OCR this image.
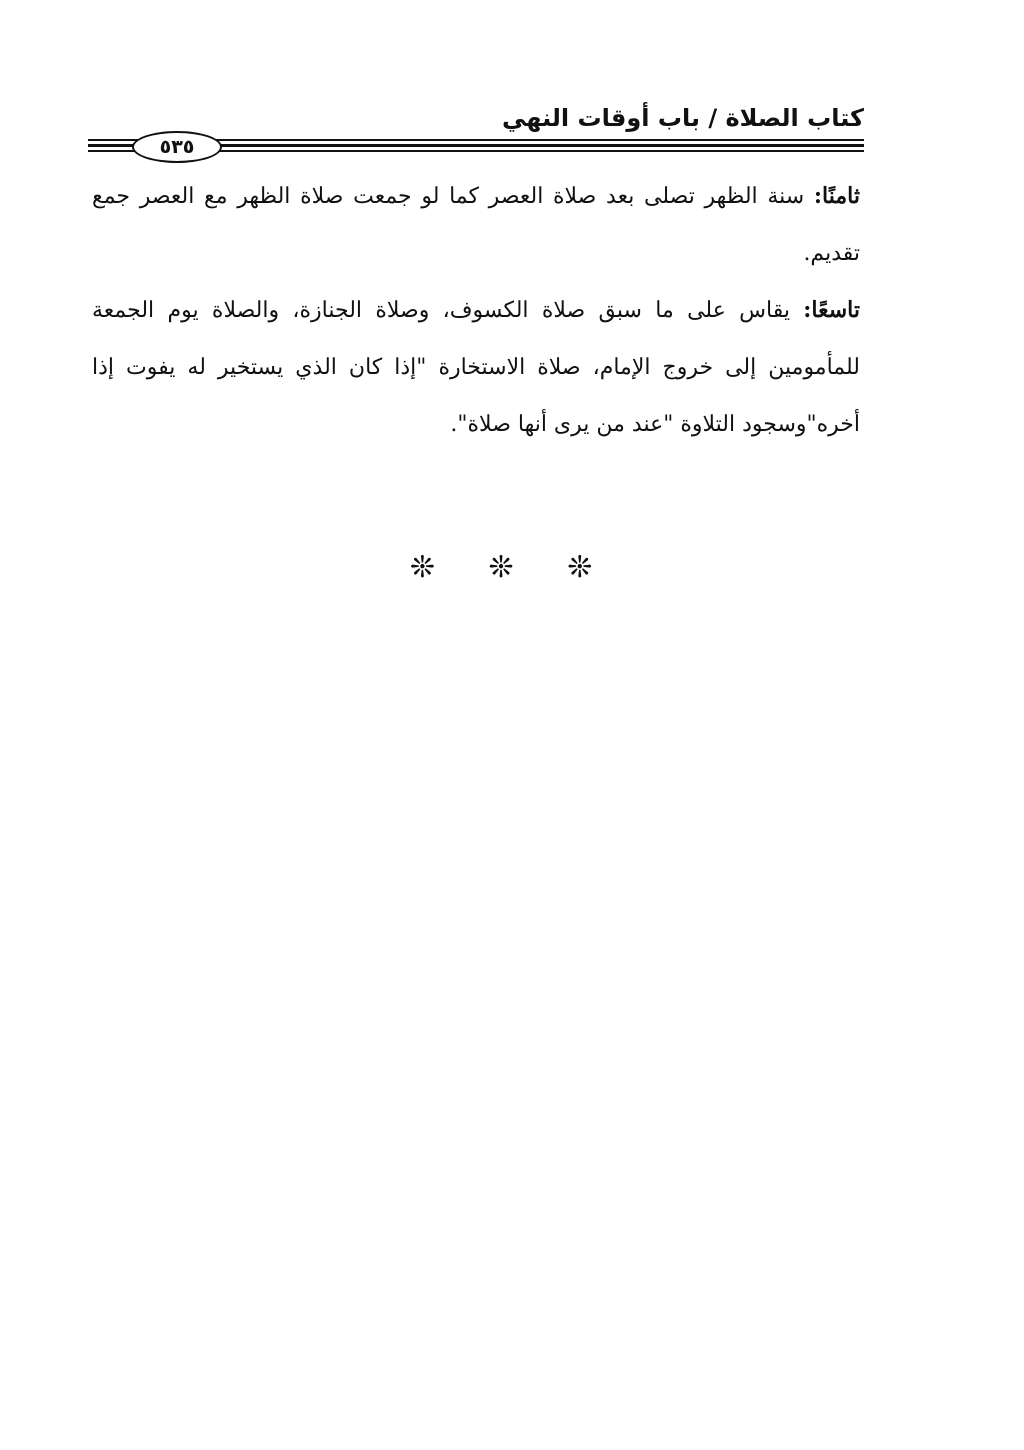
كتاب الصلاة / باب أوقات النهي
٥٣٥

ثامنًا: سنة الظهر تصلى بعد صلاة العصر كما لو جمعت صلاة الظهر مع العصر جمع تقديم.

تاسعًا: يقاس على ما سبق صلاة الكسوف، وصلاة الجنازة، والصلاة يوم الجمعة للمأمومين إلى خروج الإمام، صلاة الاستخارة "إذا كان الذي يستخير له يفوت إذا أخره"وسجود التلاوة "عند من يرى أنها صلاة".

❊ ❊ ❊
